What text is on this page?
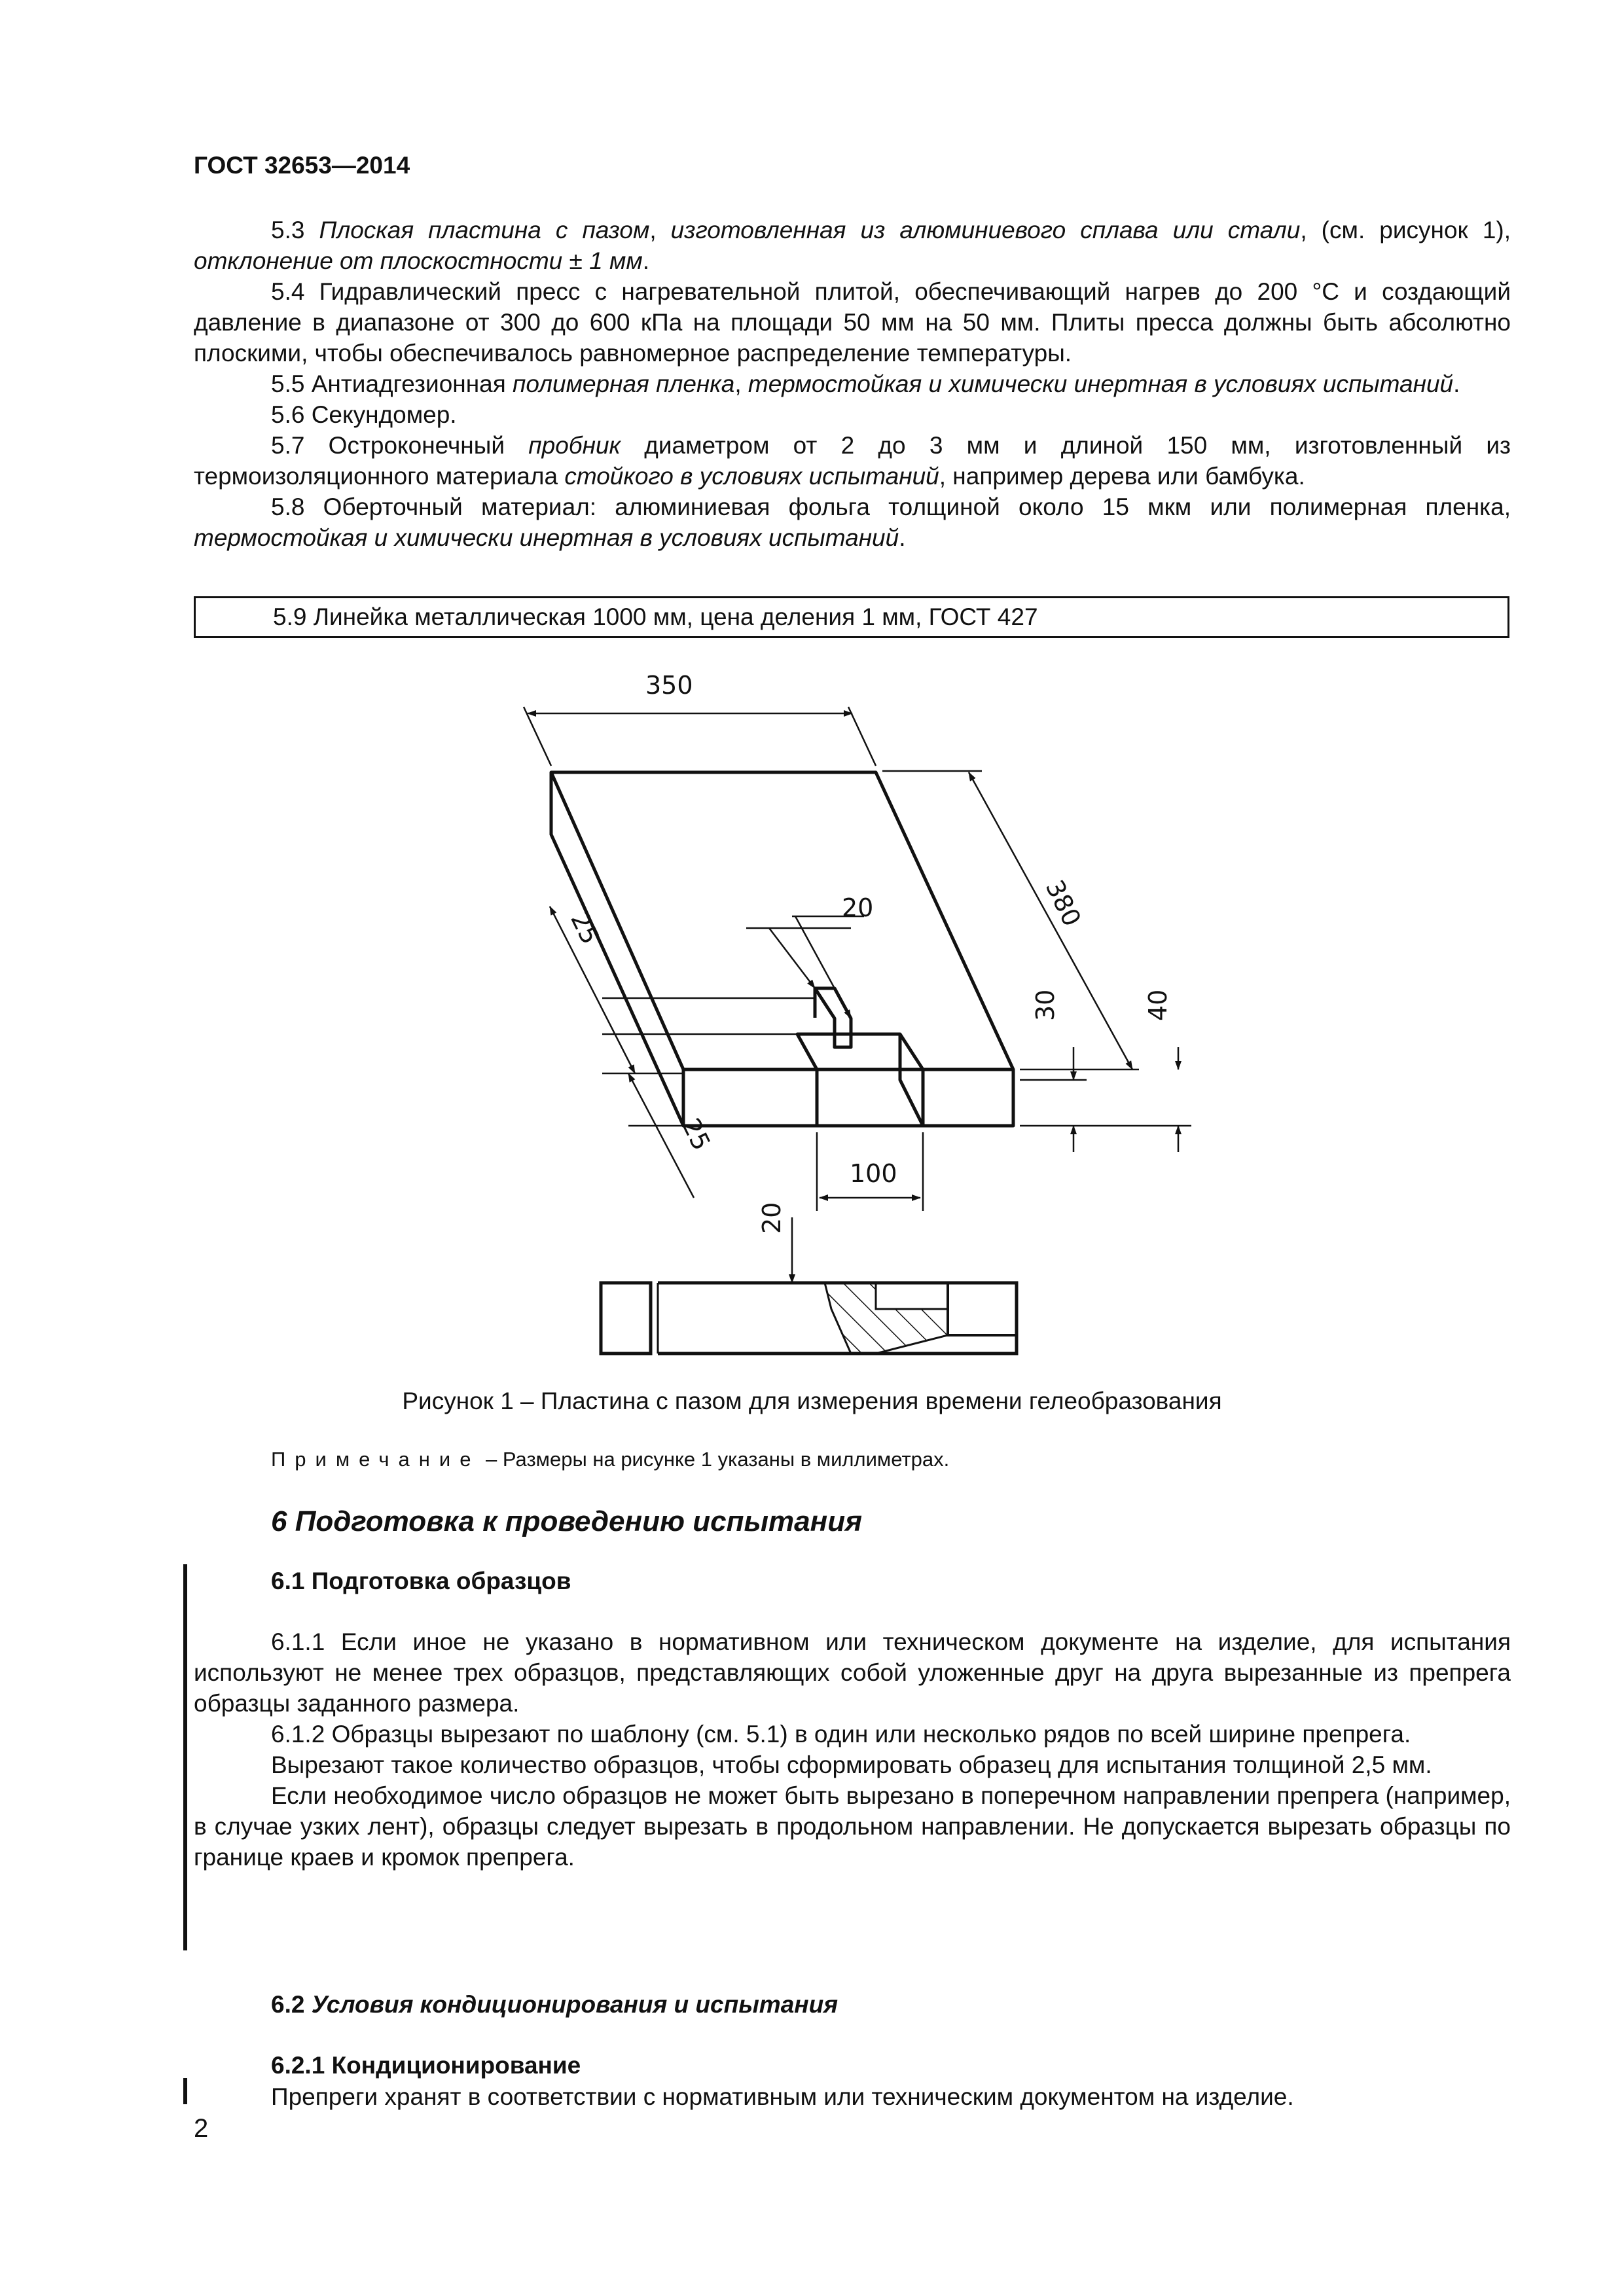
ГОСТ 32653—2014

5.3 Плоская пластина с пазом, изготовленная из алюминиевого сплава или стали, (см. рисунок 1), отклонение от плоскостности ± 1 мм.

5.4 Гидравлический пресс с нагревательной плитой, обеспечивающий нагрев до 200 °С и создающий давление в диапазоне от 300 до 600 кПа на площади 50 мм на 50 мм. Плиты пресса должны быть абсолютно плоскими, чтобы обеспечивалось равномерное распределение температуры.

5.5 Антиадгезионная полимерная пленка, термостойкая и химически инертная в условиях испытаний.

5.6 Секундомер.

5.7 Остроконечный пробник диаметром от 2 до 3 мм и длиной 150 мм, изготовленный из термоизоляционного материала стойкого в условиях испытаний, например дерева или бамбука.

5.8 Оберточный материал: алюминиевая фольга толщиной около 15 мкм или полимерная пленка, термостойкая и химически инертная в условиях испытаний.

5.9 Линейка металлическая 1000 мм, цена деления 1 мм, ГОСТ 427
350
380
20
25
25
30	40
100
20
Рисунок 1 – Пластина с пазом для измерения времени гелеобразования
Примечание – Размеры на рисунке 1 указаны в миллиметрах.
6 Подготовка к проведению испытания
6.1 Подготовка образцов

6.1.1 Если иное не указано в нормативном или техническом документе на изделие, для испытания используют не менее трех образцов, представляющих собой уложенные друг на друга вырезанные из препрега образцы заданного размера.

6.1.2 Образцы вырезают по шаблону (см. 5.1) в один или несколько рядов по всей ширине препрега.

Вырезают такое количество образцов, чтобы сформировать образец для испытания толщиной 2,5 мм.

Если необходимое число образцов не может быть вырезано в поперечном направлении препрега (например, в случае узких лент), образцы следует вырезать в продольном направлении. Не допускается вырезать образцы по границе краев и кромок препрега.

6.2 Условия кондиционирования и испытания
6.2.1 Кондиционирование

Препреги хранят в соответствии с нормативным или техническим документом на изделие.

2
